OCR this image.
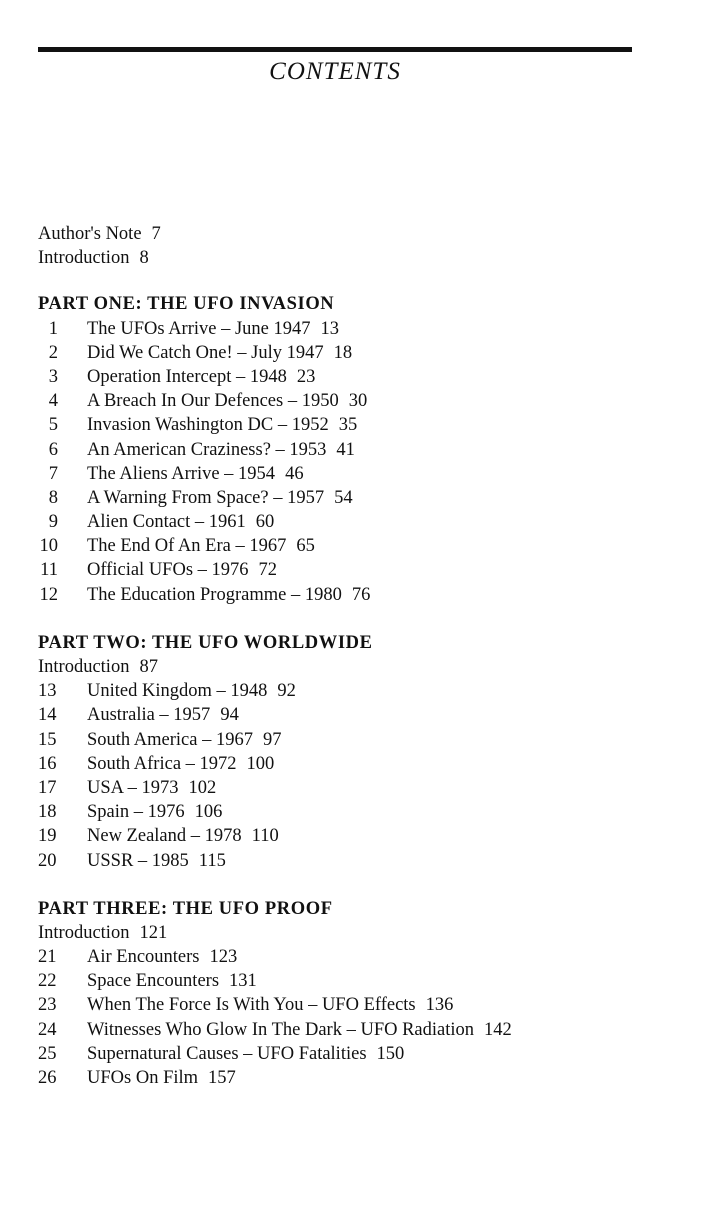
CONTENTS
Author's Note 7
Introduction 8
PART ONE: THE UFO INVASION
1 The UFOs Arrive – June 1947 13
2 Did We Catch One! – July 1947 18
3 Operation Intercept – 1948 23
4 A Breach In Our Defences – 1950 30
5 Invasion Washington DC – 1952 35
6 An American Craziness? – 1953 41
7 The Aliens Arrive – 1954 46
8 A Warning From Space? – 1957 54
9 Alien Contact – 1961 60
10 The End Of An Era – 1967 65
11 Official UFOs – 1976 72
12 The Education Programme – 1980 76
PART TWO: THE UFO WORLDWIDE
Introduction 87
13 United Kingdom – 1948 92
14 Australia – 1957 94
15 South America – 1967 97
16 South Africa – 1972 100
17 USA – 1973 102
18 Spain – 1976 106
19 New Zealand – 1978 110
20 USSR – 1985 115
PART THREE: THE UFO PROOF
Introduction 121
21 Air Encounters 123
22 Space Encounters 131
23 When The Force Is With You – UFO Effects 136
24 Witnesses Who Glow In The Dark – UFO Radiation 142
25 Supernatural Causes – UFO Fatalities 150
26 UFOs On Film 157
